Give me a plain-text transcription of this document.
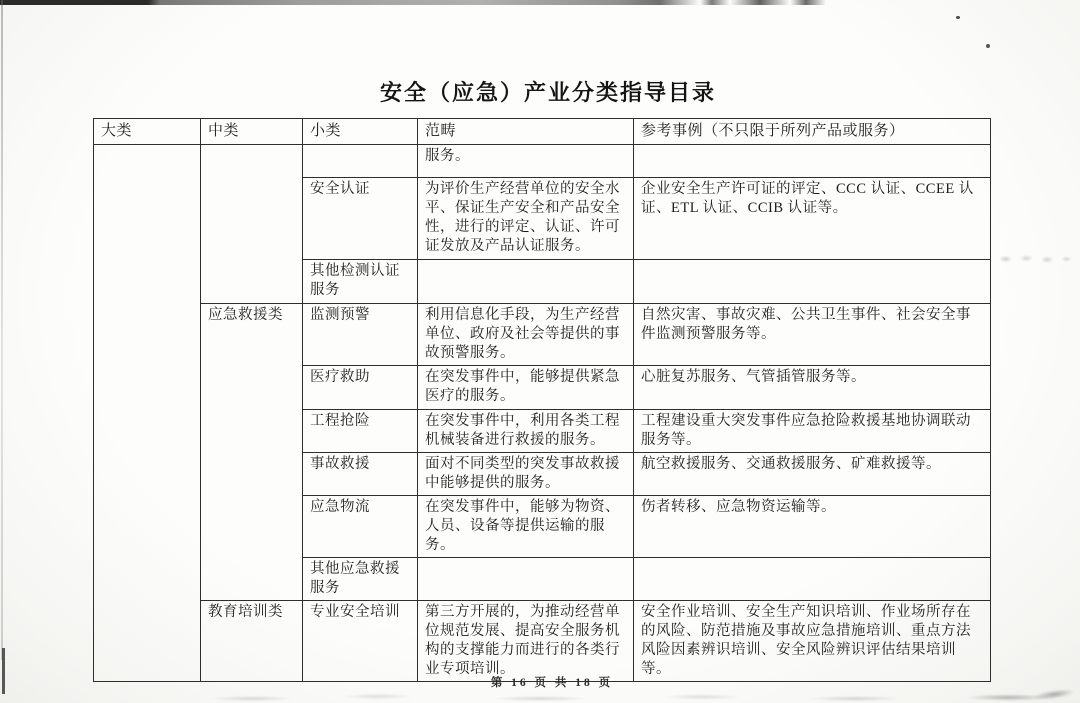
安全（应急）产业分类指导目录
大类	中类	小类	范畴	参考事例（不只限于所列产品或服务）
			服务。	
		安全认证	为评价生产经营单位的安全水平、保证生产安全和产品安全性，进行的评定、认证、许可证发放及产品认证服务。	企业安全生产许可证的评定、CCC 认证、CCEE 认证、ETL 认证、CCIB 认证等。
		其他检测认证服务		
	应急救援类	监测预警	利用信息化手段，为生产经营单位、政府及社会等提供的事故预警服务。	自然灾害、事故灾难、公共卫生事件、社会安全事件监测预警服务等。
		医疗救助	在突发事件中，能够提供紧急医疗的服务。	心脏复苏服务、气管插管服务等。
		工程抢险	在突发事件中，利用各类工程机械装备进行救援的服务。	工程建设重大突发事件应急抢险救援基地协调联动服务等。
		事故救援	面对不同类型的突发事故救援中能够提供的服务。	航空救援服务、交通救援服务、矿难救援等。
		应急物流	在突发事件中，能够为物资、人员、设备等提供运输的服务。	伤者转移、应急物资运输等。
		其他应急救援服务		
	教育培训类	专业安全培训	第三方开展的，为推动经营单位规范发展、提高安全服务机构的支撑能力而进行的各类行业专项培训。	安全作业培训、安全生产知识培训、作业场所存在的风险、防范措施及事故应急措施培训、重点方法风险因素辨识培训、安全风险辨识评估结果培训等。
第 16 页 共 18 页
